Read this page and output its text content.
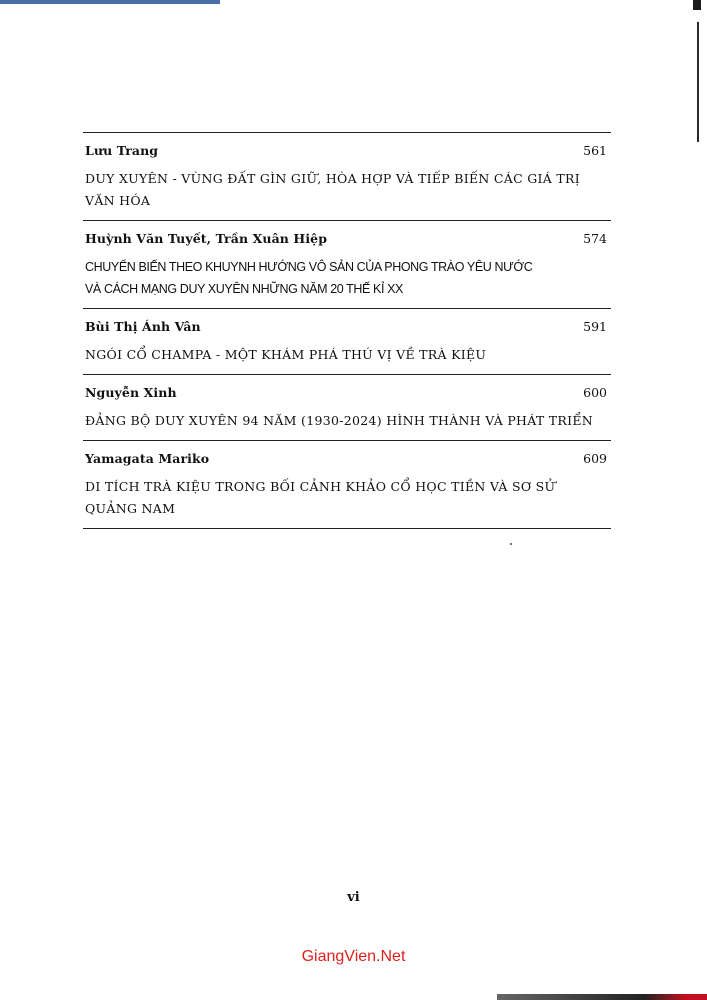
Lưu Trang	561
DUY XUYÊN - VÙNG ĐẤT GÌN GIỮ, HÒA HỢP VÀ TIẾP BIẾN CÁC GIÁ TRỊ
VĂN HÓA
Huỳnh Văn Tuyết, Trần Xuân Hiệp	574
CHUYỂN BIẾN THEO KHUYNH HƯỚNG VÔ SẢN CỦA PHONG TRÀO YÊU NƯỚC
VÀ CÁCH MẠNG DUY XUYÊN NHỮNG NĂM 20 THẾ KỈ XX
Bùi Thị Ánh Vân	591
NGÓI CỔ CHAMPA - MỘT KHÁM PHÁ THÚ VỊ VỀ TRÀ KIỆU
Nguyễn Xinh	600
ĐẢNG BỘ DUY XUYÊN 94 NĂM (1930-2024) HÌNH THÀNH VÀ PHÁT TRIỂN
Yamagata Mariko	609
DI TÍCH TRÀ KIỆU TRONG BỐI CẢNH KHẢO CỔ HỌC TIỀN VÀ SƠ SỬ
QUẢNG NAM
vi
GiangVien.Net
